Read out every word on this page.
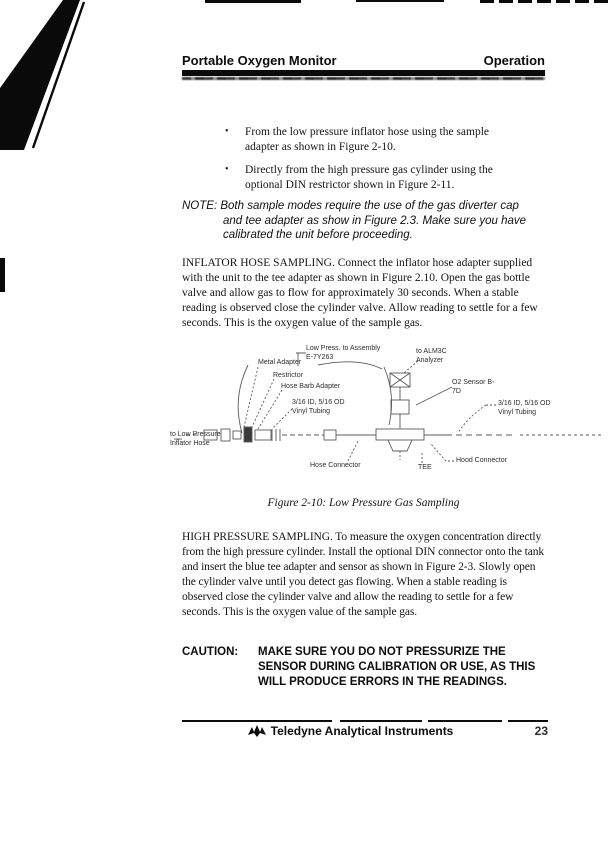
Portable Oxygen Monitor	Operation
•	From the low pressure inflator hose using the sample adapter as shown in Figure 2-10.
•	Directly from the high pressure gas cylinder using the optional DIN restrictor shown in Figure 2-11.
NOTE: Both sample modes require the use of the gas diverter cap and tee adapter as show in Figure 2.3. Make sure you have calibrated the unit before proceeding.
INFLATOR HOSE SAMPLING. Connect the inflator hose adapter supplied with the unit to the tee adapter as shown in Figure 2.10. Open the gas bottle valve and allow gas to flow for approximately 30 seconds. When a stable reading is observed close the cylinder valve. Allow reading to settle for a few seconds. This is the oxygen value of the sample gas.
Low Press. to Assembly E-7Y263
Metal Adapter
Restrictor
Hose Barb Adapter
3/16 ID, 5/16 OD Vinyl Tubing
to ALM3C Analyzer
O2 Sensor B-7D
3/16 ID, 5/16 OD Vinyl Tubing
to Low Pressure Inflator Hose
Hose Connector	TEE
Hood Connector
Figure 2-10: Low Pressure Gas Sampling
HIGH PRESSURE SAMPLING. To measure the oxygen concentration directly from the high pressure cylinder. Install the optional DIN connector onto the tank and insert the blue tee adapter and sensor as shown in Figure 2-3. Slowly open the cylinder valve until you detect gas flowing. When a stable reading is observed close the cylinder valve and allow the reading to settle for a few seconds. This is the oxygen value of the sample gas.
CAUTION:	MAKE SURE YOU DO NOT PRESSURIZE THE SENSOR DURING CALIBRATION OR USE, AS THIS WILL PRODUCE ERRORS IN THE READINGS.
Teledyne Analytical Instruments	23
